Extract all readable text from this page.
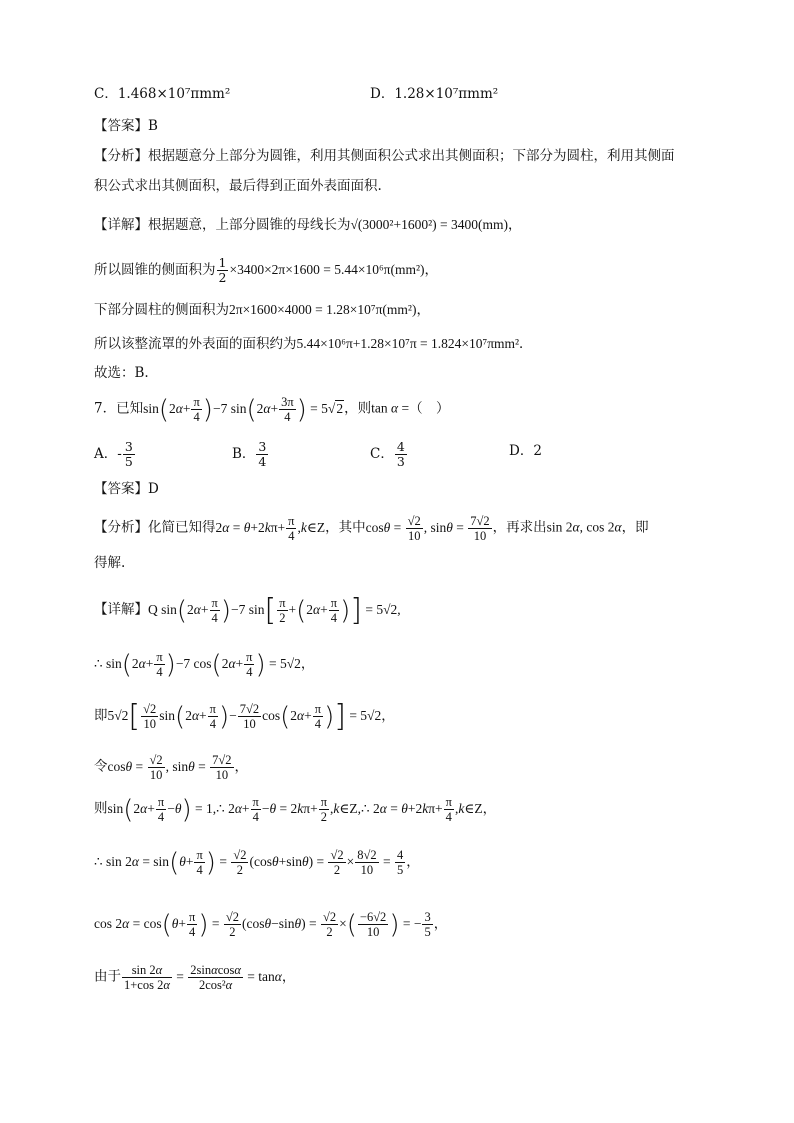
C．1.468×10⁷πmm²	D．1.28×10⁷πmm²
【答案】B
【分析】根据题意分上部分为圆锥，利用其侧面积公式求出其侧面积；下部分为圆柱，利用其侧面
积公式求出其侧面积，最后得到正面外表面面积.
【详解】根据题意，上部分圆锥的母线长为√(3000²+1600²) = 3400(mm)，
所以圆锥的侧面积为 $\frac{1}{2} \times 3400\times 2\pi\times 1600 = 5.44\times 10^6\pi(mm^2)$，
下部分圆柱的侧面积为2π×1600×4000 = 1.28×10⁷π(mm²)，
所以该整流罩的外表面的面积约为5.44×10⁶π+1.28×10⁷π = 1.824×10⁷πmm²．
故选：B.
7．已知$\sin(2\alpha+ \frac{\pi}{4} )-7$ $\sin(2\alpha+ \frac{3\pi}{4}$ ) = 5√2，则tan α =（　）
A．- $\frac{3}{5}$	B． $\frac{3}{4}$	C． $\frac{4}{3}$	D．2
【答案】D
【分析】化简已知得$2\alpha = \theta+2k\pi+ \frac{\pi}{4}$ ,k∈Z，其中$\cos\theta = \frac{√2}{10}$ , $\sin\theta = \frac{7√2}{10}$ ，再求出sin 2α, cos 2α，即
得解.
【详解】Q $\sin(2\alpha+ \frac{\pi}{4} )-7$ $\sin[ \frac{\pi}{2} +(2\alpha+ \frac{\pi}{4}$ )] = 5√2,
∴ $\sin(2\alpha+ \frac{\pi}{4} )-7$ $\cos(2\alpha+ \frac{\pi}{4}$ ) = 5√2，
即$5√2[ \frac{√2}{10} \sin(2\alpha+ \frac{\pi}{4}$ )− $\frac{7√2}{10} \cos(2\alpha+ \frac{\pi}{4}$ )] = 5√2，
令$\cos\theta = \frac{√2}{10}$ , $\sin\theta = \frac{7√2}{10}$ ，
则$\sin(2\alpha+ \frac{\pi}{4} -\theta)$ = 1,∴ $2\alpha+ \frac{\pi}{4} -\theta = 2k\pi+ \frac{\pi}{2}$ ,k∈Z,∴ $2\alpha = \theta+2k\pi+ \frac{\pi}{4}$ ,k∈Z，
∴ $\sin 2\alpha = \sin(\theta+ \frac{\pi}{4}$ ) = $\frac{√2}{2} (\cos\theta+\sin\theta) = \frac{√2}{2} \times \frac{8√2}{10} = \frac{4}{5}$ ，
$\cos 2\alpha = \cos(\theta+ \frac{\pi}{4}$ ) = $\frac{√2}{2} (\cos\theta-\sin\theta) = \frac{√2}{2}$ ×( $\frac{-6√2}{10}$ ) = − $\frac{3}{5}$ ，
由于 $\frac{\sin 2\alpha}{1+\cos 2\alpha} = \frac{2\sin\alpha\cos\alpha}{\text{2cos²α}} = \tan\alpha$，
